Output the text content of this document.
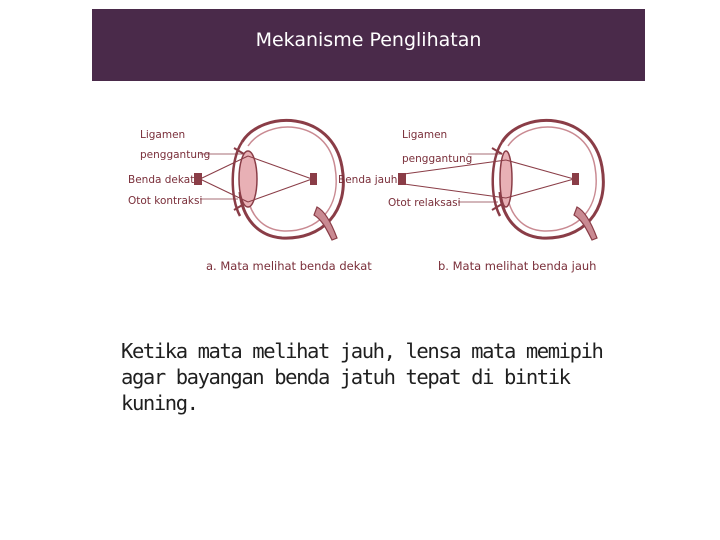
Mekanisme Penglihatan
Ligamen
penggantung
Benda dekat
Otot kontraksi
a. Mata melihat benda dekat
Ligamen
penggantung
Benda jauh
Otot relaksasi
b. Mata melihat benda jauh
Ketika mata melihat jauh, lensa mata memipih agar bayangan benda jatuh tepat di bintik kuning.
